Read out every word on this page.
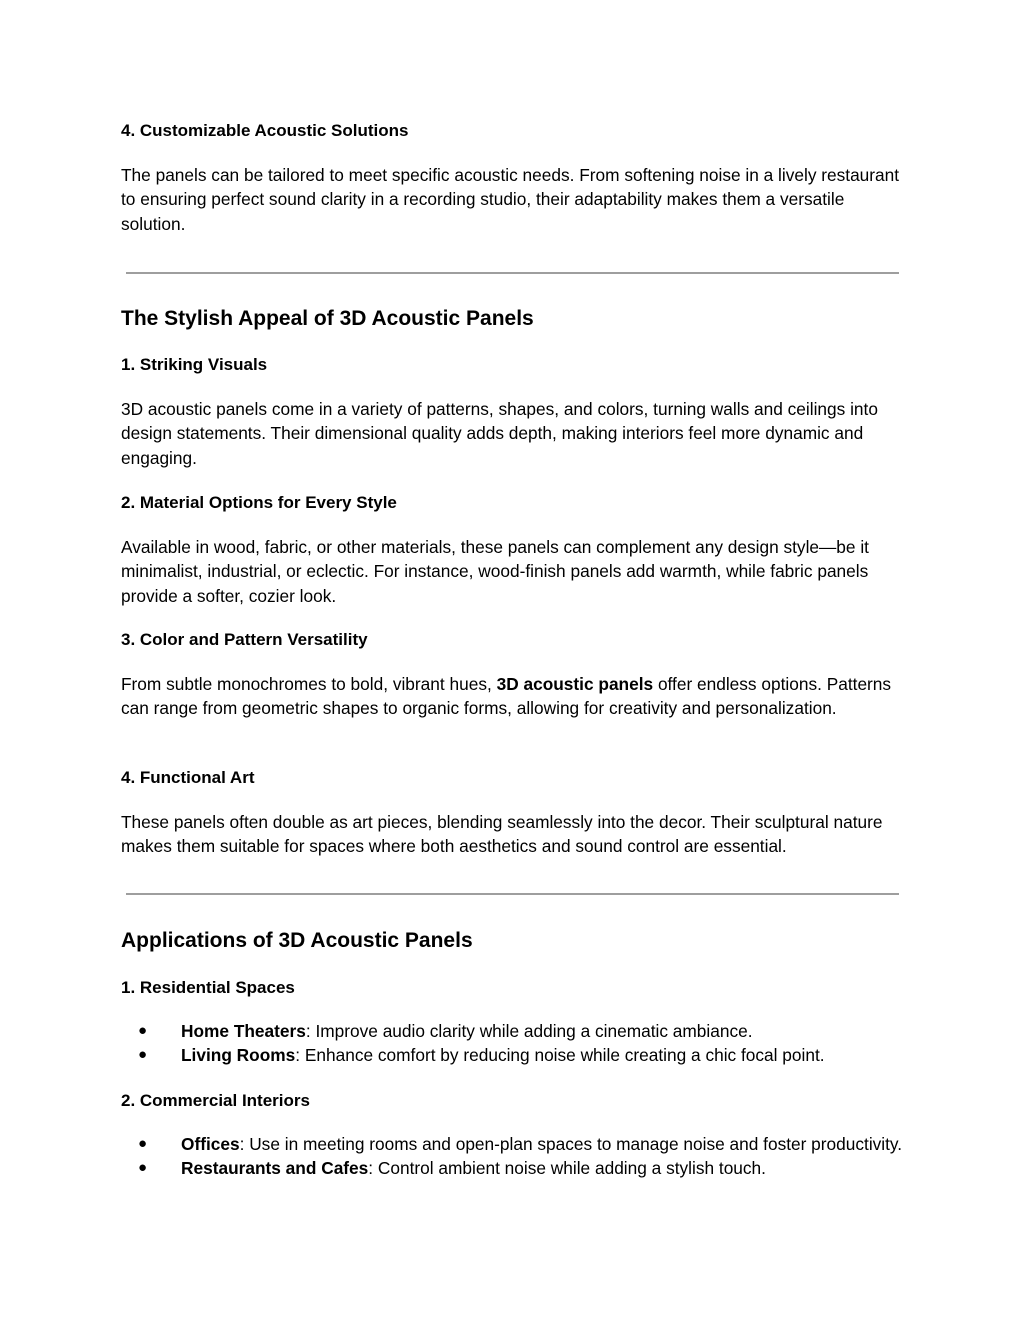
4. Customizable Acoustic Solutions

The panels can be tailored to meet specific acoustic needs. From softening noise in a lively restaurant to ensuring perfect sound clarity in a recording studio, their adaptability makes them a versatile solution.

The Stylish Appeal of 3D Acoustic Panels
1. Striking Visuals

3D acoustic panels come in a variety of patterns, shapes, and colors, turning walls and ceilings into design statements. Their dimensional quality adds depth, making interiors feel more dynamic and engaging.

2. Material Options for Every Style

Available in wood, fabric, or other materials, these panels can complement any design style—be it minimalist, industrial, or eclectic. For instance, wood-finish panels add warmth, while fabric panels provide a softer, cozier look.

3. Color and Pattern Versatility

From subtle monochromes to bold, vibrant hues, 3D acoustic panels offer endless options. Patterns can range from geometric shapes to organic forms, allowing for creativity and personalization.

4. Functional Art

These panels often double as art pieces, blending seamlessly into the decor. Their sculptural nature makes them suitable for spaces where both aesthetics and sound control are essential.

Applications of 3D Acoustic Panels
1. Residential Spaces
● Home Theaters: Improve audio clarity while adding a cinematic ambiance.
● Living Rooms: Enhance comfort by reducing noise while creating a chic focal point.
2. Commercial Interiors
● Offices: Use in meeting rooms and open-plan spaces to manage noise and foster productivity.
● Restaurants and Cafes: Control ambient noise while adding a stylish touch.
